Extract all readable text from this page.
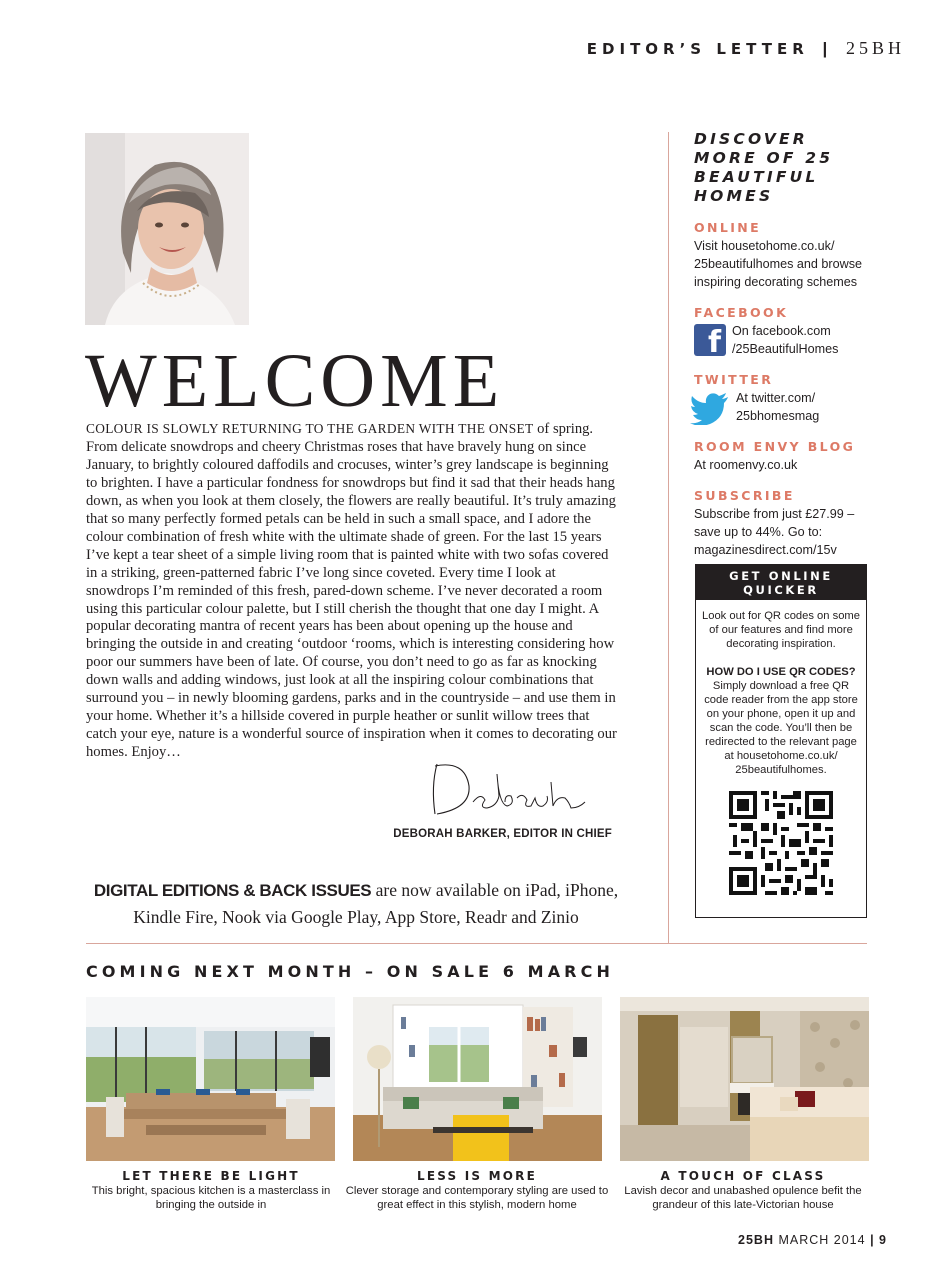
EDITOR’S LETTER | 25BH
WELCOME
COLOUR IS SLOWLY RETURNING TO THE GARDEN WITH THE ONSET of spring. From delicate snowdrops and cheery Christmas roses that have bravely hung on since January, to brightly coloured daffodils and crocuses, winter’s grey landscape is beginning to brighten. I have a particular fondness for snowdrops but find it sad that their heads hang down, as when you look at them closely, the flowers are really beautiful. It’s truly amazing that so many perfectly formed petals can be held in such a small space, and I adore the colour combination of fresh white with the ultimate shade of green. For the last 15 years I’ve kept a tear sheet of a simple living room that is painted white with two sofas covered in a striking, green-patterned fabric I’ve long since coveted. Every time I look at snowdrops I’m reminded of this fresh, pared-down scheme. I’ve never decorated a room using this particular colour palette, but I still cherish the thought that one day I might. A popular decorating mantra of recent years has been about opening up the house and bringing the outside in and creating ‘outdoor ‘rooms, which is interesting considering how poor our summers have been of late. Of course, you don’t need to go as far as knocking down walls and adding windows, just look at all the inspiring colour combinations that surround you – in newly blooming gardens, parks and in the countryside – and use them in your home. Whether it’s a hillside covered in purple heather or sunlit willow trees that catch your eye, nature is a wonderful source of inspiration when it comes to decorating our homes. Enjoy…
DEBORAH BARKER, EDITOR IN CHIEF
DIGITAL EDITIONS & BACK ISSUES are now available on iPad, iPhone, Kindle Fire, Nook via Google Play, App Store, Readr and Zinio
DISCOVER MORE OF 25 BEAUTIFUL HOMES
ONLINE
Visit housetohome.co.uk/ 25beautifulhomes and browse inspiring decorating schemes
FACEBOOK
f On facebook.com
/25BeautifulHomes
TWITTER
At twitter.com/
25bhomesmag
ROOM ENVY BLOG
At roomenvy.co.uk
SUBSCRIBE
Subscribe from just £27.99 – save up to 44%. Go to: magazinesdirect.com/15v
GET ONLINE QUICKER
Look out for QR codes on some of our features and find more decorating inspiration.
HOW DO I USE QR CODES?
Simply download a free QR code reader from the app store on your phone, open it up and scan the code. You’ll then be redirected to the relevant page at housetohome.co.uk/ 25beautifulhomes.
COMING NEXT MONTH – ON SALE 6 MARCH
LET THERE BE LIGHT
This bright, spacious kitchen is a masterclass in bringing the outside in
LESS IS MORE
Clever storage and contemporary styling are used to great effect in this stylish, modern home
A TOUCH OF CLASS
Lavish decor and unabashed opulence befit the grandeur of this late-Victorian house
25BH MARCH 2014 | 9
